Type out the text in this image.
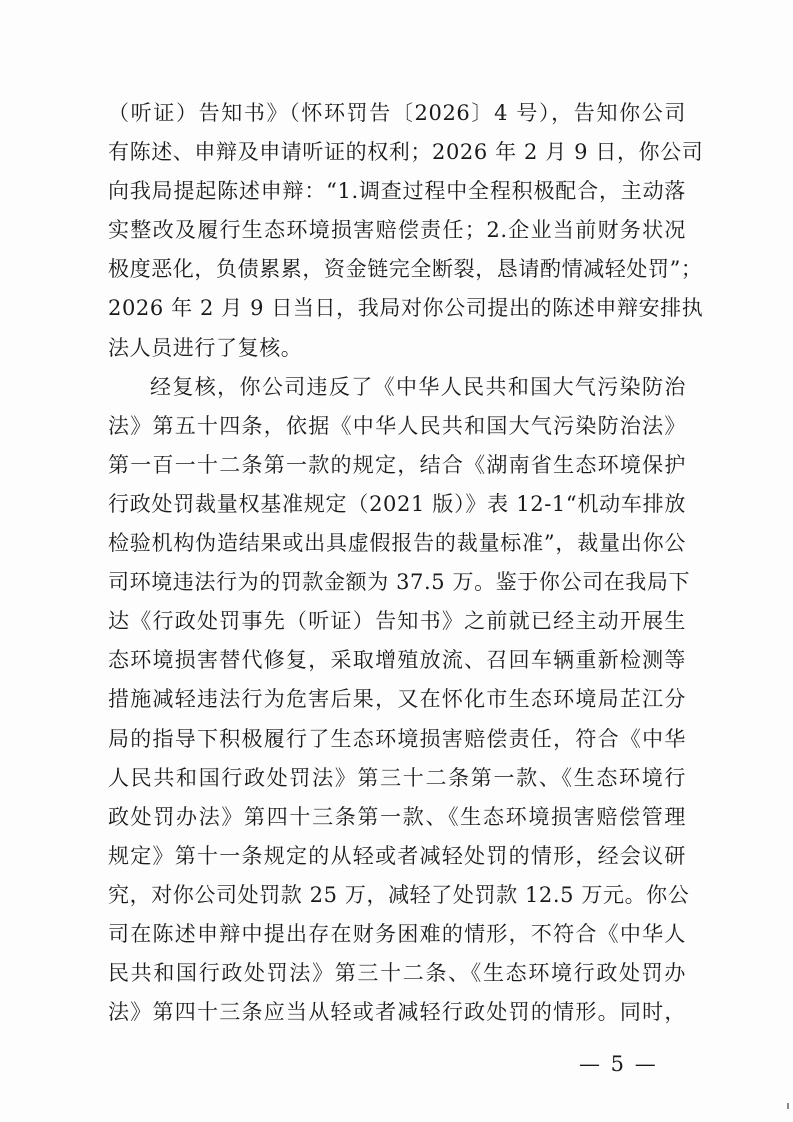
（听证）告知书》（怀环罚告〔2026〕4 号），告知你公司
有陈述、申辩及申请听证的权利；2026 年 2 月 9 日，你公司
向我局提起陈述申辩：“1.调查过程中全程积极配合，主动落
实整改及履行生态环境损害赔偿责任；2.企业当前财务状况
极度恶化，负债累累，资金链完全断裂，恳请酌情减轻处罚”；
2026 年 2 月 9 日当日，我局对你公司提出的陈述申辩安排执
法人员进行了复核。
经复核，你公司违反了《中华人民共和国大气污染防治
法》第五十四条，依据《中华人民共和国大气污染防治法》
第一百一十二条第一款的规定，结合《湖南省生态环境保护
行政处罚裁量权基准规定（2021 版）》表 12-1“机动车排放
检验机构伪造结果或出具虚假报告的裁量标准”，裁量出你公
司环境违法行为的罚款金额为 37.5 万。鉴于你公司在我局下
达《行政处罚事先（听证）告知书》之前就已经主动开展生
态环境损害替代修复，采取增殖放流、召回车辆重新检测等
措施减轻违法行为危害后果，又在怀化市生态环境局芷江分
局的指导下积极履行了生态环境损害赔偿责任，符合《中华
人民共和国行政处罚法》第三十二条第一款、《生态环境行
政处罚办法》第四十三条第一款、《生态环境损害赔偿管理
规定》第十一条规定的从轻或者减轻处罚的情形，经会议研
究，对你公司处罚款 25 万，减轻了处罚款 12.5 万元。你公
司在陈述申辩中提出存在财务困难的情形，不符合《中华人
民共和国行政处罚法》第三十二条、《生态环境行政处罚办
法》第四十三条应当从轻或者减轻行政处罚的情形。同时，
— 5 —
